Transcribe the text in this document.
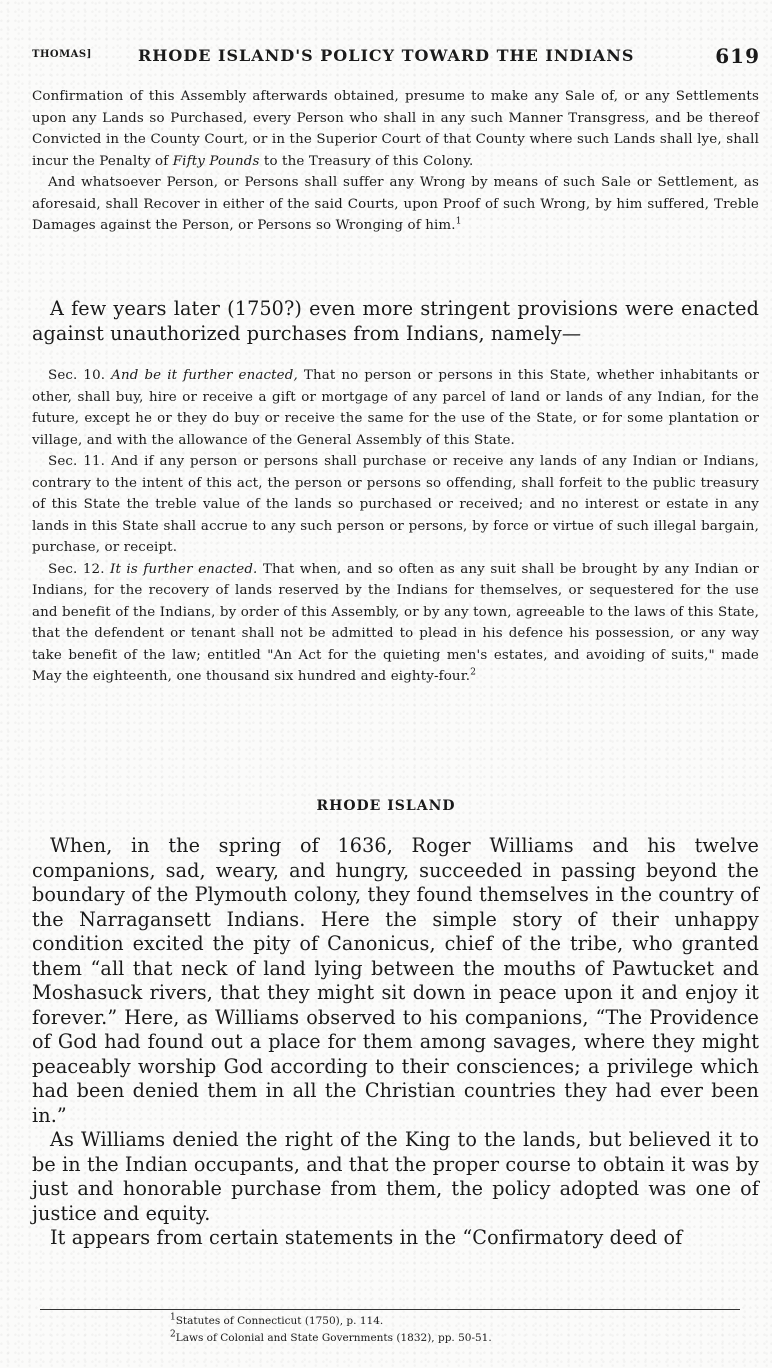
THOMAS]	RHODE ISLAND'S POLICY TOWARD THE INDIANS	619

Confirmation of this Assembly afterwards obtained, presume to make any Sale of, or any Settlements upon any Lands so Purchased, every Person who shall in any such Manner Transgress, and be thereof Convicted in the County Court, or in the Superior Court of that County where such Lands shall lye, shall incur the Penalty of Fifty Pounds to the Treasury of this Colony.

And whatsoever Person, or Persons shall suffer any Wrong by means of such Sale or Settlement, as aforesaid, shall Recover in either of the said Courts, upon Proof of such Wrong, by him suffered, Treble Damages against the Person, or Persons so Wronging of him.$^1$

A few years later (1750?) even more stringent provisions were enacted against unauthorized purchases from Indians, namely—

Sec. 10. And be it further enacted, That no person or persons in this State, whether inhabitants or other, shall buy, hire or receive a gift or mortgage of any parcel of land or lands of any Indian, for the future, except he or they do buy or receive the same for the use of the State, or for some plantation or village, and with the allowance of the General Assembly of this State.

Sec. 11. And if any person or persons shall purchase or receive any lands of any Indian or Indians, contrary to the intent of this act, the person or persons so offending, shall forfeit to the public treasury of this State the treble value of the lands so purchased or received; and no interest or estate in any lands in this State shall accrue to any such person or persons, by force or virtue of such illegal bargain, purchase, or receipt.

Sec. 12. It is further enacted. That when, and so often as any suit shall be brought by any Indian or Indians, for the recovery of lands reserved by the Indians for themselves, or sequestered for the use and benefit of the Indians, by order of this Assembly, or by any town, agreeable to the laws of this State, that the defendent or tenant shall not be admitted to plead in his defence his possession, or any way take benefit of the law; entitled "An Act for the quieting men's estates, and avoiding of suits," made May the eighteenth, one thousand six hundred and eighty-four.$^2$

RHODE ISLAND

When, in the spring of 1636, Roger Williams and his twelve companions, sad, weary, and hungry, succeeded in passing beyond the boundary of the Plymouth colony, they found themselves in the country of the Narragansett Indians. Here the simple story of their unhappy condition excited the pity of Canonicus, chief of the tribe, who granted them “all that neck of land lying between the mouths of Pawtucket and Moshasuck rivers, that they might sit down in peace upon it and enjoy it forever.” Here, as Williams observed to his companions, “The Providence of God had found out a place for them among savages, where they might peaceably worship God according to their consciences; a privilege which had been denied them in all the Christian countries they had ever been in.”

As Williams denied the right of the King to the lands, but believed it to be in the Indian occupants, and that the proper course to obtain it was by just and honorable purchase from them, the policy adopted was one of justice and equity.

It appears from certain statements in the “Confirmatory deed of

$^1$Statutes of Connecticut (1750), p. 114.

$^2$Laws of Colonial and State Governments (1832), pp. 50-51.
